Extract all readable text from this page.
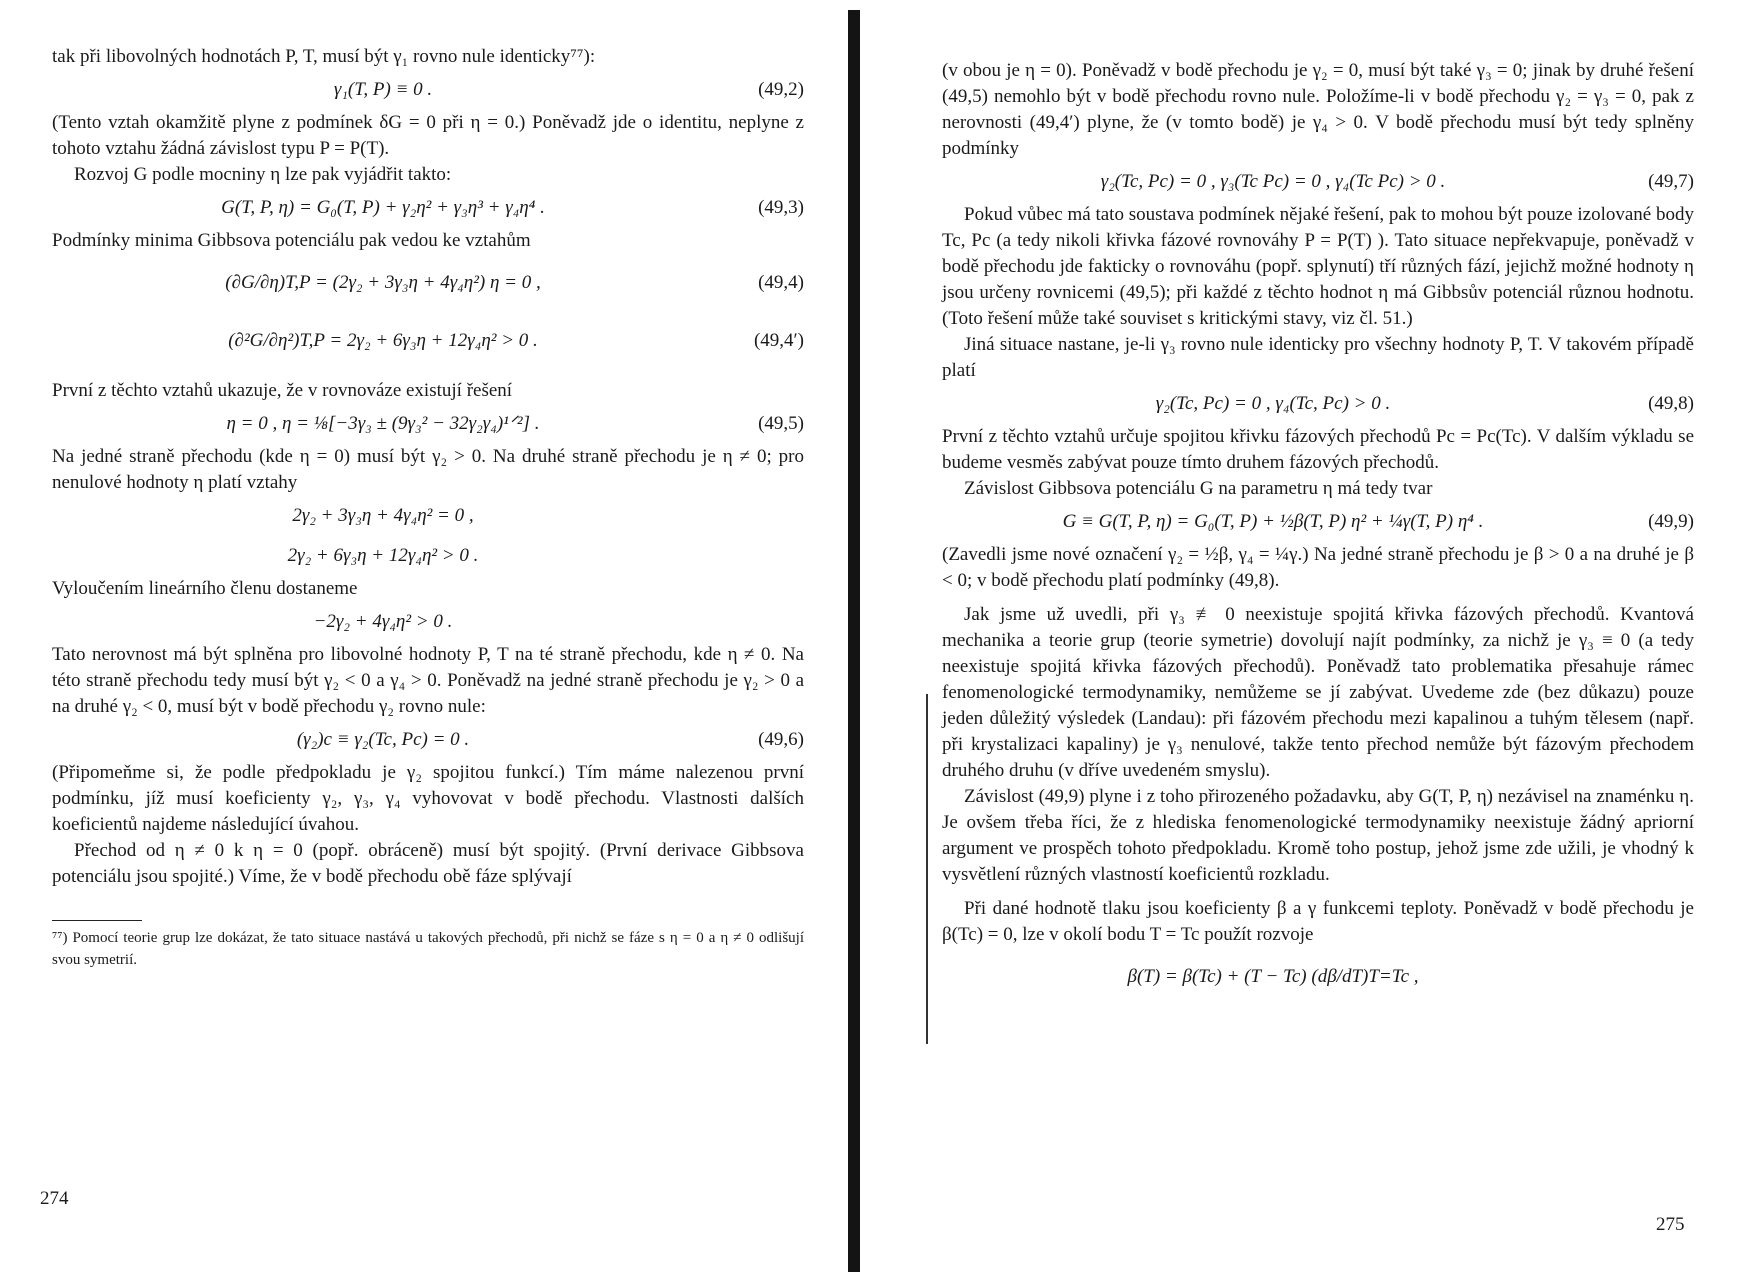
tak při libovolných hodnotách P, T, musí být γ₁ rovno nule identicky⁷⁷):

γ₁(T, P) ≡ 0 .	(49,2)

(Tento vztah okamžitě plyne z podmínek δG = 0 při η = 0.) Poněvadž jde o identitu, neplyne z tohoto vztahu žádná závislost typu P = P(T).

Rozvoj G podle mocniny η lze pak vyjádřit takto:

G(T, P, η) = G₀(T, P) + γ₂η² + γ₃η³ + γ₄η⁴ .	(49,3)

Podmínky minima Gibbsova potenciálu pak vedou ke vztahům

(∂G/∂η)T,P = (2γ₂ + 3γ₃η + 4γ₄η²) η = 0 ,	(49,4)
(∂²G/∂η²)T,P = 2γ₂ + 6γ₃η + 12γ₄η² > 0 .	(49,4′)

První z těchto vztahů ukazuje, že v rovnováze existují řešení

η = 0 , η = ⅛[−3γ₃ ± (9γ₃² − 32γ₂γ₄)¹ᐟ²] .	(49,5)

Na jedné straně přechodu (kde η = 0) musí být γ₂ > 0. Na druhé straně přechodu je η ≠ 0; pro nenulové hodnoty η platí vztahy

2γ₂ + 3γ₃η + 4γ₄η² = 0 ,
2γ₂ + 6γ₃η + 12γ₄η² > 0 .

Vyloučením lineárního členu dostaneme

−2γ₂ + 4γ₄η² > 0 .

Tato nerovnost má být splněna pro libovolné hodnoty P, T na té straně přechodu, kde η ≠ 0. Na této straně přechodu tedy musí být γ₂ < 0 a γ₄ > 0. Poněvadž na jedné straně přechodu je γ₂ > 0 a na druhé γ₂ < 0, musí být v bodě přechodu γ₂ rovno nule:

(γ₂)c ≡ γ₂(Tc, Pc) = 0 .	(49,6)

(Připomeňme si, že podle předpokladu je γ₂ spojitou funkcí.) Tím máme nalezenou první podmínku, jíž musí koeficienty γ₂, γ₃, γ₄ vyhovovat v bodě přechodu. Vlastnosti dalších koeficientů najdeme následující úvahou.

Přechod od η ≠ 0 k η = 0 (popř. obráceně) musí být spojitý. (První derivace Gibbsova potenciálu jsou spojité.) Víme, že v bodě přechodu obě fáze splývají

⁷⁷) Pomocí teorie grup lze dokázat, že tato situace nastává u takových přechodů, při nichž se fáze s η = 0 a η ≠ 0 odlišují svou symetrií.

274

(v obou je η = 0). Poněvadž v bodě přechodu je γ₂ = 0, musí být také γ₃ = 0; jinak by druhé řešení (49,5) nemohlo být v bodě přechodu rovno nule. Položíme-li v bodě přechodu γ₂ = γ₃ = 0, pak z nerovnosti (49,4′) plyne, že (v tomto bodě) je γ₄ > 0. V bodě přechodu musí být tedy splněny podmínky

γ₂(Tc, Pc) = 0 , γ₃(Tc Pc) = 0 , γ₄(Tc Pc) > 0 .	(49,7)

Pokud vůbec má tato soustava podmínek nějaké řešení, pak to mohou být pouze izolované body Tc, Pc (a tedy nikoli křivka fázové rovnováhy P = P(T) ). Tato situace nepřekvapuje, poněvadž v bodě přechodu jde fakticky o rovnováhu (popř. splynutí) tří různých fází, jejichž možné hodnoty η jsou určeny rovnicemi (49,5); při každé z těchto hodnot η má Gibbsův potenciál různou hodnotu. (Toto řešení může také souviset s kritickými stavy, viz čl. 51.)

Jiná situace nastane, je-li γ₃ rovno nule identicky pro všechny hodnoty P, T. V takovém případě platí

γ₂(Tc, Pc) = 0 , γ₄(Tc, Pc) > 0 .	(49,8)

První z těchto vztahů určuje spojitou křivku fázových přechodů Pc = Pc(Tc). V dalším výkladu se budeme vesměs zabývat pouze tímto druhem fázových přechodů.

Závislost Gibbsova potenciálu G na parametru η má tedy tvar

G ≡ G(T, P, η) = G₀(T, P) + ½β(T, P) η² + ¼γ(T, P) η⁴ .	(49,9)

(Zavedli jsme nové označení γ₂ = ½β, γ₄ = ¼γ.) Na jedné straně přechodu je β > 0 a na druhé je β < 0; v bodě přechodu platí podmínky (49,8).

Jak jsme už uvedli, při γ₃ ≢ 0 neexistuje spojitá křivka fázových přechodů. Kvantová mechanika a teorie grup (teorie symetrie) dovolují najít podmínky, za nichž je γ₃ ≡ 0 (a tedy neexistuje spojitá křivka fázových přechodů). Poněvadž tato problematika přesahuje rámec fenomenologické termodynamiky, nemůžeme se jí zabývat. Uvedeme zde (bez důkazu) pouze jeden důležitý výsledek (Landau): při fázovém přechodu mezi kapalinou a tuhým tělesem (např. při krystalizaci kapaliny) je γ₃ nenulové, takže tento přechod nemůže být fázovým přechodem druhého druhu (v dříve uvedeném smyslu).

Závislost (49,9) plyne i z toho přirozeného požadavku, aby G(T, P, η) nezávisel na znaménku η. Je ovšem třeba říci, že z hlediska fenomenologické termodynamiky neexistuje žádný apriorní argument ve prospěch tohoto předpokladu. Kromě toho postup, jehož jsme zde užili, je vhodný k vysvětlení různých vlastností koeficientů rozkladu.

Při dané hodnotě tlaku jsou koeficienty β a γ funkcemi teploty. Poněvadž v bodě přechodu je β(Tc) = 0, lze v okolí bodu T = Tc použít rozvoje

β(T) = β(Tc) + (T − Tc) (dβ/dT)T=Tc ,
275
